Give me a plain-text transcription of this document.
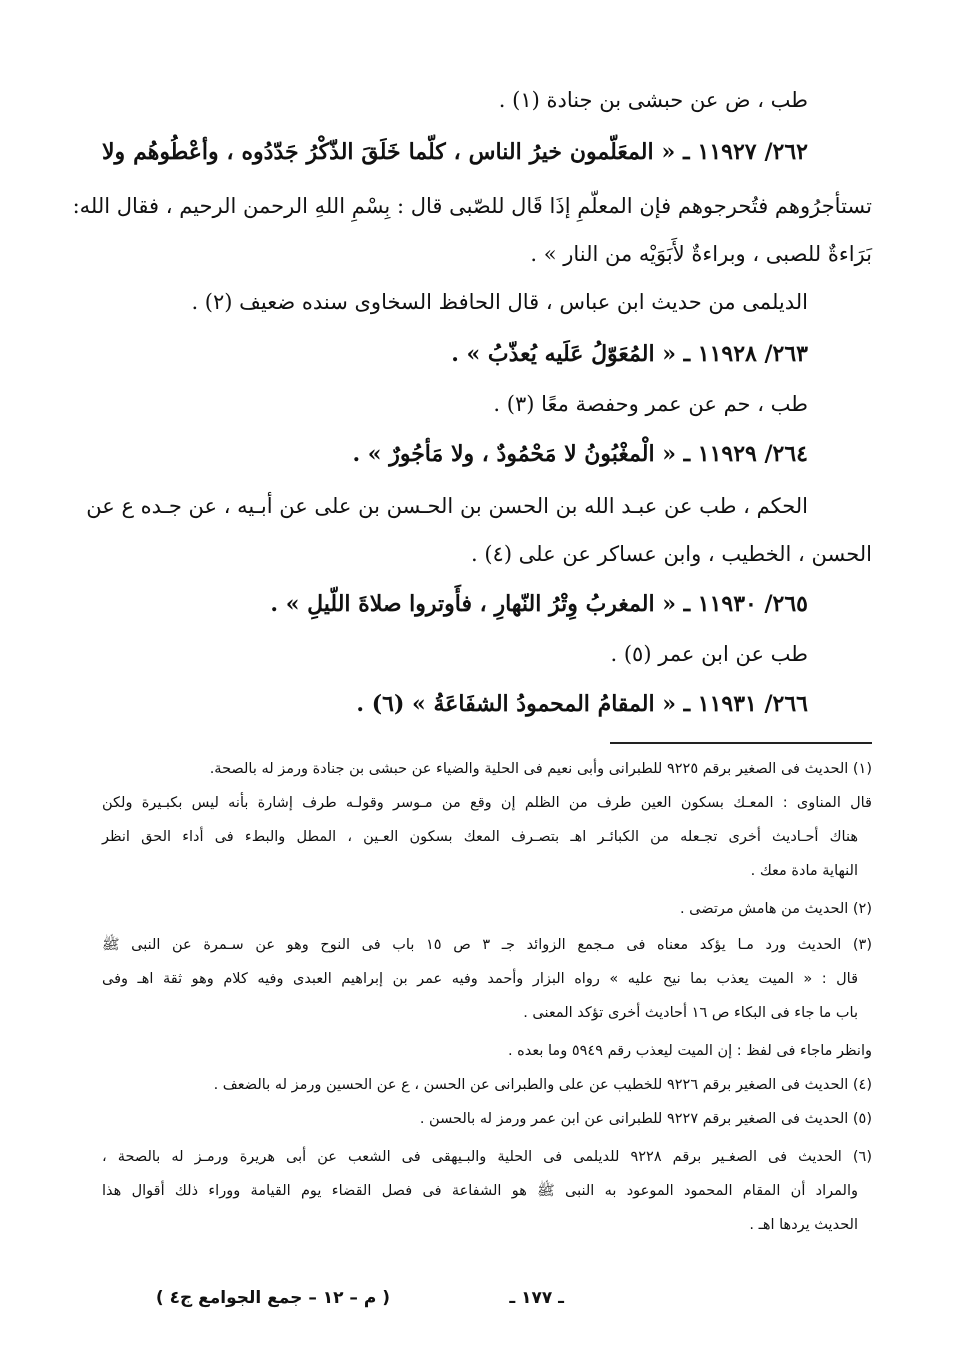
طب ، ض عن حبشى بن جنادة (١) .
٢٦٢/ ١١٩٢٧ ـ « المعَلّمون خيرُ الناس ، كلّما خَلَقَ الذّكْرُ جَدّدُوه ، وأعْطُوهُم ولا
تستأجرُوهم فتُحرجوهم فإن المعلّمِ إذَا قَال للصّبى قال : بِسْمِ اللهِ الرحمن الرحيم ، فقال الله:
بَرَاءةٌ للصبى ، وبراءةٌ لأَبَوَيْه من النار » .
الديلمى من حديث ابن عباس ، قال الحافظ السخاوى سنده ضعيف (٢) .
٢٦٣/ ١١٩٢٨ ـ « المُعَوّلُ عَلَيه يُعذّبُ » .
طب ، حم عن عمر وحفصة معًا (٣) .
٢٦٤/ ١١٩٢٩ ـ « الْمغْبُونُ لا مَحْمُودٌ ، ولا مَأجُورٌ » .
الحكم ، طب عن عبـد الله بن الحسن بن الحـسن بن على عن أبـيه ، عن جـده ع عن
الحسن ، الخطيب ، وابن عساكر عن على (٤) .
٢٦٥/ ١١٩٣٠ ـ « المغربُ وِتْرُ النّهارِ ، فأَوتروا صلاةَ اللّيلِ » .
طب عن ابن عمر (٥) .
٢٦٦/ ١١٩٣١ ـ « المقامُ المحمودُ الشفَاعَةُ » (٦) .
(١) الحديث فى الصغير برقم ٩٢٢٥ للطبرانى وأبى نعيم فى الحلية والضياء عن حبشى بن جنادة ورمز له بالصحة.
قال المناوى : المعـك بسكون العين طرف من الظلم إن وقع من مـوسر وقولـه طرف إشارة بأنه ليس بكبـيرة ولكن
هناك أحـاديث أخرى تجـعله من الكبائـر اهـ بتصـرف المعك بسكون العـين ، المطل والبطء فى أداء الحق انظر
النهاية مادة معك .
(٢) الحديث من هامش مرتضى .
(٣) الحديث ورد مـا يؤكد معناه فى مـجمع الزوائد جـ ٣ ص ١٥ باب فى النوح وهو عن سـمرة عن النبى ﷺ
قال : « الميت يعذب بما نيح عليه » رواه البزار وأحمد وفيه عمر بن إبراهيم العبدى وفيه كلام وهو ثقة اهـ وفى
باب ما جاء فى البكاء ص ١٦ أحاديث أخرى تؤكد المعنى .
وانظر ماجاء فى لفظ : إن الميت ليعذب رقم ٥٩٤٩ وما بعده .
(٤) الحديث فى الصغير برقم ٩٢٢٦ للخطيب عن على والطبرانى عن الحسن ، ع عن الحسين ورمز له بالضعف .
(٥) الحديث فى الصغير برقم ٩٢٢٧ للطبرانى عن ابن عمر ورمز له بالحسن .
(٦) الحديث فى الصغـير برقم ٩٢٢٨ للديلمى فى الحلية والبـيهقى فى الشعب عن أبى هريرة ورمـز له بالصحة ،
والمراد أن المقام المحمود الموعود به النبى ﷺ هو الشفاعة فى فصل القضاء يوم القيامة ووراء ذلك أقوال هذا
الحديث يردها اهـ .
ـ ١٧٧ ـ
( م – ١٢ – جمع الجوامع ج٤ )
